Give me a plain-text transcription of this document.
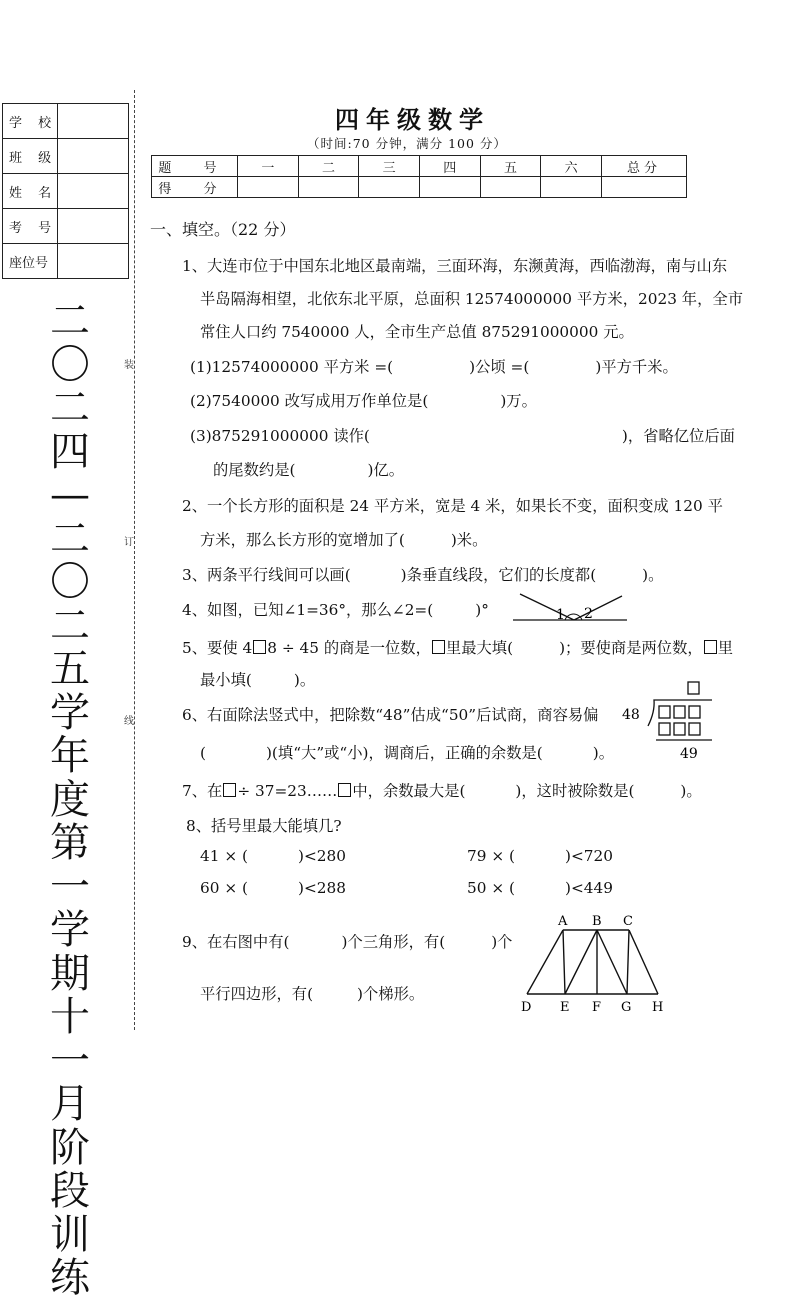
学 校	
班 级	
姓 名	
考 号	
座位号	
二〇二四—二〇二五学年度第一学期十一月阶段训练
装
订
线
四年级数学
（时间:70 分钟，满分 100 分）
题 号	一	二	三	四	五	六	总分
得 分							
一、填空。（22 分）
1、大连市位于中国东北地区最南端，三面环海，东濒黄海，西临渤海，南与山东
半岛隔海相望，北依东北平原，总面积 12574000000 平方米，2023 年，全市
常住人口约 7540000 人，全市生产总值 875291000000 元。
(1)12574000000 平方米 =(	)公顷 =(	)平方千米。
(2)7540000 改写成用万作单位是(	)万。
(3)875291000000 读作(	)，省略亿位后面
的尾数约是(	)亿。
2、一个长方形的面积是 24 平方米，宽是 4 米，如果长不变，面积变成 120 平
方米，那么长方形的宽增加了(	)米。
3、两条平行线间可以画(	)条垂直线段，它们的长度都(	)。
4、如图，已知∠1=36°，那么∠2=(	)°	1 2
5、要使 4 8 ÷ 45 的商是一位数， 里最大填(	)；要使商是两位数， 里
最小填(	)。
6、右面除法竖式中，把除数“48”估成“50”后试商，商容易偏
(	)(填“大”或“小)，调商后，正确的余数是(	)。
48
49
7、在 ÷ 37=23…… 中，余数最大是(	)，这时被除数是(	)。
8、括号里最大能填几?
41 × (	)<280	79 × (	)<720
60 × (	)<288	50 × (	)<449
9、在右图中有(	)个三角形，有(	)个
平行四边形，有(	)个梯形。
A B C
D E F G H
